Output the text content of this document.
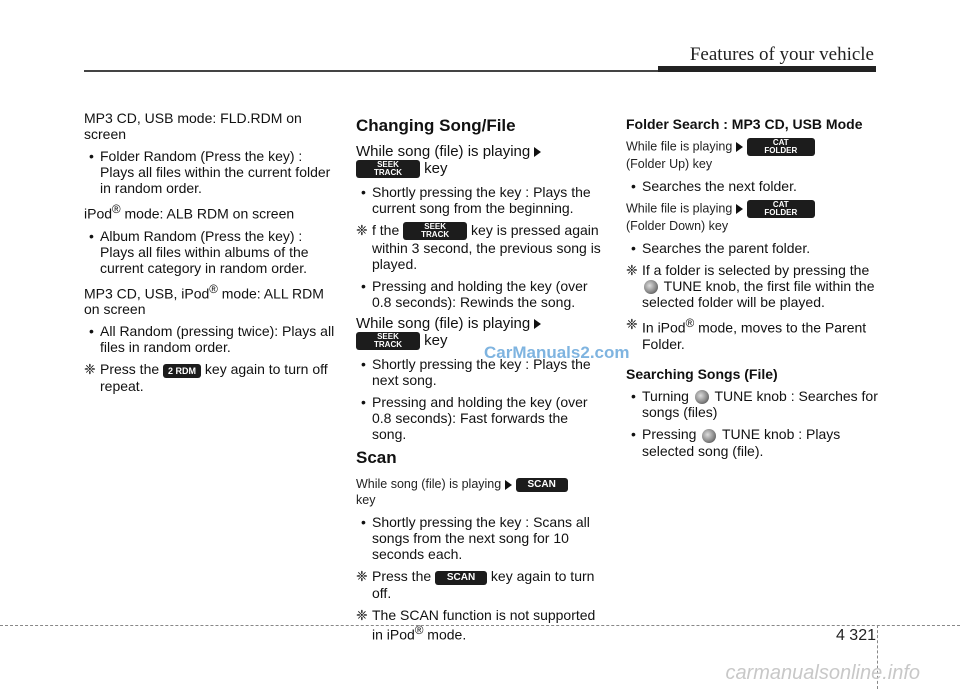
Features of your vehicle

MP3 CD, USB mode: FLD.RDM on screen

• Folder Random (Press the key) : Plays all files within the current folder in random order.

iPod® mode: ALB RDM on screen

• Album Random (Press the key) : Plays all files within albums of the current category in random order.

MP3 CD, USB, iPod® mode: ALL RDM on screen

• All Random (pressing twice): Plays all files in random order.
❈ Press the 2 RDM key again to turn off repeat.
Changing Song/File

While song (file) is playing

SEEK
TRACK	key

• Shortly pressing the key : Plays the current song from the beginning.
❈ f the	SEEK
TRACK	key is pressed again within 3 second, the previous song is played.
• Pressing and holding the key (over 0.8 seconds): Rewinds the song.

While song (file) is playing

SEEK
TRACK	key

• Shortly pressing the key : Plays the next song.
• Pressing and holding the key (over 0.8 seconds): Fast forwards the song.
Scan

While song (file) is playing	SCAN
key

• Shortly pressing the key : Scans all songs from the next song for 10 seconds each.
❈ Press the SCAN key again to turn off.
❈ The SCAN function is not supported in iPod® mode.
Folder Search : MP3 CD, USB Mode

While file is playing	CAT
FOLDER

(Folder Up) key

• Searches the next folder.

While file is playing	CAT
FOLDER

(Folder Down) key

• Searches the parent folder.
❈ If a folder is selected by pressing the  TUNE knob, the first file within the selected folder will be played.
❈ In iPod® mode, moves to the Parent Folder.
Searching Songs (File)
• Turning  TUNE knob : Searches for songs (files)
• Pressing  TUNE knob : Plays selected song (file).
CarManuals2.com
4 321
carmanualsonline.info
